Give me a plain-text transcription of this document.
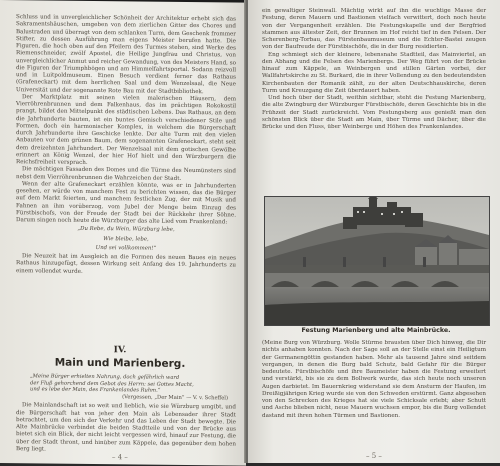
Schluss und in unvergleichlicher Schönheit der Architektur erhebt sich das Sakramentshäuschen, umgeben von dem zierlichen Gitter des Chores und Balustraden und überragt von dem schlanken Turm, dem Geschenk frommer Stifter, zu dessen Ausführung man eigens Meister berufen hatte. Die Figuren, die hoch oben auf den Pfeilern des Turmes stehen, sind Werke des Riemenschneider, zwölf Apostel, die Heilige Jungfrau und Christus, von unvergleichlicher Anmut und reicher Gewandung, von des Meisters Hand, so die Figuren der Triumphbögen und am Himmelfahrtsportal. Sodann reizvoll und in Luitpoldmuseum. Einen Besuch verdient ferner das Rathaus (Grafeneckart) mit dem herrlichen Saal und dem Wenzelsaal, die Neue Universität und der sogenannte Rote Bau mit der Stadtbibliothek.

Der Marktplatz mit seinen vielen malerischen Häusern, dem Vierröhrenbrunnen und dem Falkenhaus, das im prächtigen Rokokostil prangt, bildet den Mittelpunkt des städtischen Lebens. Das Rathaus, an dem die Jahrhunderte bauten, ist ein buntes Gemisch verschiedener Stile und Formen, doch ein harmonischer Komplex, in welchem die Bürgerschaft durch Jahrhunderte ihre Geschicke lenkte. Der alte Turm mit den vielen Anbauten vor dem grünen Baum, dem sogenannten Grafeneckart, steht seit dem dreizehnten Jahrhundert. Der Wenzelsaal mit dem gotischen Gewölbe erinnert an König Wenzel, der hier Hof hielt und den Würzburgern die Reichsfreiheit versprach.

Die mächtigen Fassaden des Domes und die Türme des Neumünsters sind nebst dem Vierröhrenbrunnen die Wahrzeichen der Stadt.

Wenn der alte Grafeneckart erzählen könnte, was er in Jahrhunderten gesehen, er würde von manchem Fest zu berichten wissen, das die Bürger auf dem Markt feierten, und manchem festlichen Zug, der mit Musik und Fahnen an ihm vorüberzog, vom Jubel der Menge beim Einzug des Fürstbischofs, von der Freude der Stadt bei der Rückkehr ihrer Söhne. Darum singen noch heute die Würzburger das alte Lied vom Frankenland:

„Du Rebe, du Wein, Würzburg lebe,
Wie bleibe, lebe,
Und sei vollkommen!“

Die Neuzeit hat im Ausgleich an die Formen des neuen Baues ein neues Rathaus hinzugefügt, dessen Wirkung seit Anfang des 19. Jahrhunderts zu einem vollendet wurde.

IV.
Main und Marienberg.
„Meine Bürger erhielten Nahrung, doch gefährlich ward
der Fluß gehorchend dem Gebot des Herrn: sei Gottes Macht,
und es lebe der Main, des Frankenlandes Ruhm.“
(Vergessen, „Der Main“ — V. v. Scheffel)

Die Mainlandschaft ist so weit und lieblich, wie sie Würzburg umgibt, und die Bürgerschaft hat von jeher den Main als Lebensader ihrer Stadt betrachtet, um den sich der Verkehr und das Leben der Stadt bewegte. Die Alte Mainbrücke verbindet die beiden Stadtteile und von der Brücke aus bietet sich ein Blick, der nicht leicht vergessen wird, hinauf zur Festung, die über der Stadt thront, und hinüber zum Käppele, das gegenüber dem hohen Berg liegt.

– 4 –

ein gewaltiger Steinwall. Mächtig wirkt auf ihn die wuchtige Masse der Festung, deren Mauern und Bastionen vielfach verwittert, doch noch heute von der Vergangenheit erzählen. Die Festungskapelle und der Bergfried stammen aus ältester Zeit, der Brunnen im Hof reicht tief in den Felsen. Der Scherenberg-Torbau, das Fürstenbaumuseum und die Echter-Bastei zeugen von der Baufreude der Fürstbischöfe, die in der Burg residierten.

Eng schmiegt sich der kleinere, lebensnahe Stadtteil, das Mainviertel, an den Abhang und die Felsen des Marienbergs. Der Weg führt von der Brücke hinauf zum Käppele, an Weinbergen und stillen Gärten vorbei, der Wallfahrtskirche zu St. Burkard, die in ihrer Vollendung zu den bedeutendsten Kirchenbauten der Romanik zählt, zu der alten Deutschhauskirche, deren Turm und Kreuzgang die Zeit überdauert haben.

Und hoch über der Stadt, weithin sichtbar, steht die Festung Marienberg, die alte Zwingburg der Würzburger Fürstbischöfe, deren Geschichte bis in die Frühzeit der Stadt zurückreicht. Vom Festungsberg aus genießt man den schönsten Blick über die Stadt am Main, über Türme und Dächer, über die Brücke und den Fluss, über Weinberge und Höhen des Frankenlandes.

Festung Marienberg und alte Mainbrücke.

(Meine Burg von Würzburg. Wolle Stürme brausten über Dich hinweg, die Dir nichts anhaben konnten. Nach der Sage soll an der Stelle einst ein Heiligtum der Germanengöttin gestanden haben. Mehr als tausend Jahre sind seitdem vergangen, in denen die Burg bald Schutz, bald Gefahr für die Bürger bedeutete. Fürstbischöfe und ihre Baumeister haben die Festung erweitert und verstärkt, bis sie zu dem Bollwerk wurde, das sich heute noch unseren Augen darbietet. Im Bauernkrieg widerstand sie dem Ansturm der Haufen, im Dreißigjährigen Krieg wurde sie von den Schweden erstürmt. Ganz abgesehen von den Schrecken des Krieges hat sie viele Schicksale erlebt; aber Schutt und Asche blieben nicht, neue Mauern wuchsen empor, bis die Burg vollendet dastand mit ihren hohen Türmen und Bastionen.

– 5 –
